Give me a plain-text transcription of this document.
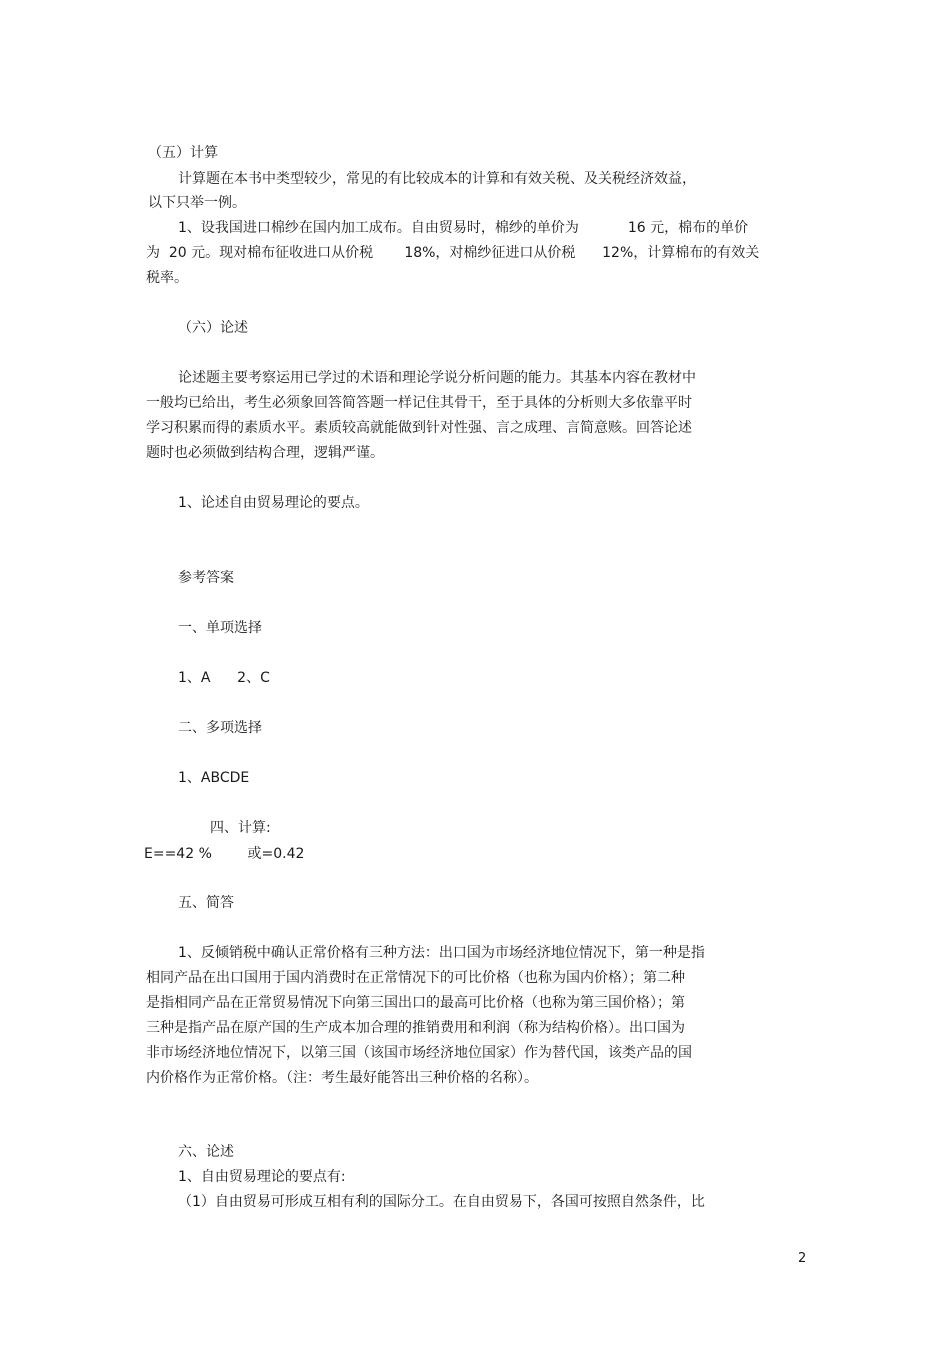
（五）计算
计算题在本书中类型较少，常见的有比较成本的计算和有效关税、及关税经济效益，
以下只举一例。
1、设我国进口棉纱在国内加工成布。自由贸易时，棉纱的单价为           16 元，棉布的单价
为  20 元。现对棉布征收进口从价税       18%，对棉纱征进口从价税      12%，计算棉布的有效关
税率。
（六）论述
论述题主要考察运用已学过的术语和理论学说分析问题的能力。其基本内容在教材中
一般均已给出，考生必须象回答简答题一样记住其骨干，至于具体的分析则大多依靠平时
学习积累而得的素质水平。素质较高就能做到针对性强、言之成理、言简意赅。回答论述
题时也必须做到结构合理，逻辑严谨。
1、论述自由贸易理论的要点。
参考答案
一、单项选择
1、A      2、C
二、多项选择
1、ABCDE
四、计算:
E==42 %        或=0.42
五、简答
1、反倾销税中确认正常价格有三种方法：出口国为市场经济地位情况下，第一种是指
相同产品在出口国用于国内消费时在正常情况下的可比价格（也称为国内价格）；第二种
是指相同产品在正常贸易情况下向第三国出口的最高可比价格（也称为第三国价格）；第
三种是指产品在原产国的生产成本加合理的推销费用和利润（称为结构价格）。出口国为
非市场经济地位情况下，以第三国（该国市场经济地位国家）作为替代国，该类产品的国
内价格作为正常价格。（注：考生最好能答出三种价格的名称）。
六、论述
1、自由贸易理论的要点有:
（1）自由贸易可形成互相有利的国际分工。在自由贸易下，各国可按照自然条件，比
2
